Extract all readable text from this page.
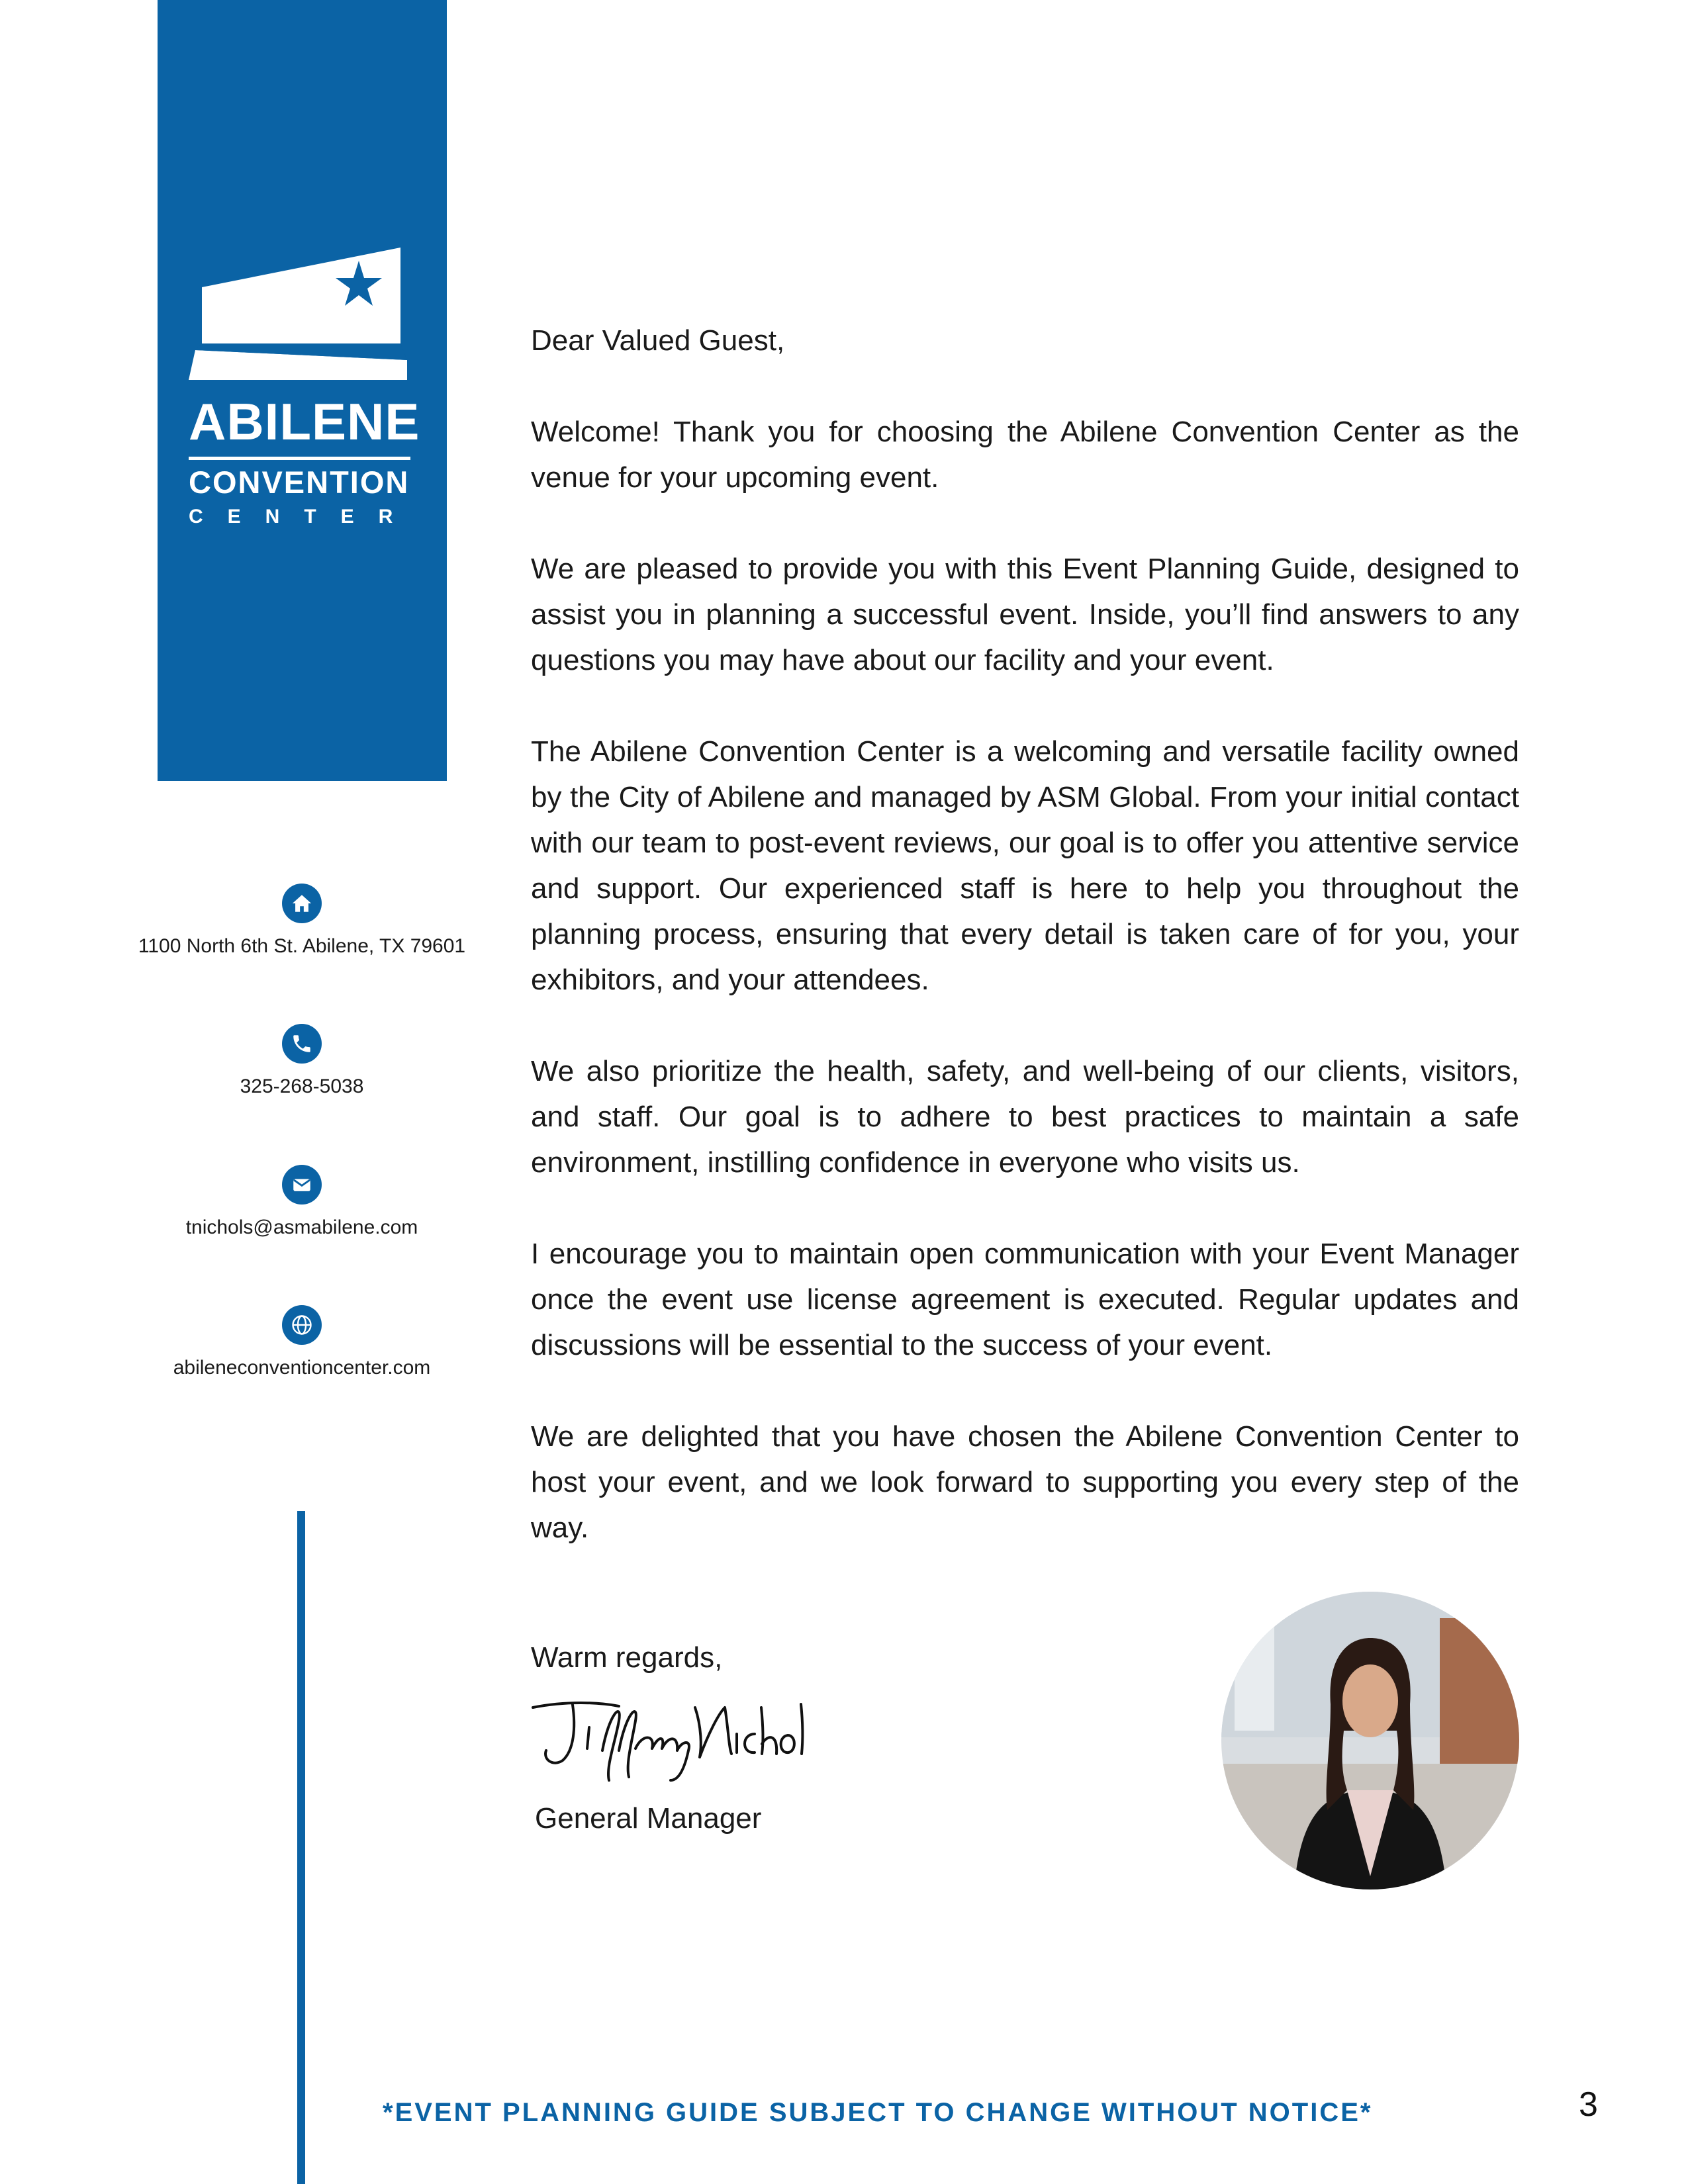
ABILENE
CONVENTION
CENTER
1100 North 6th St. Abilene, TX 79601
325-268-5038
tnichols@asmabilene.com
abileneconventioncenter.com

Dear Valued Guest,

Welcome! Thank you for choosing the Abilene Convention Center as the venue for your upcoming event.

We are pleased to provide you with this Event Planning Guide, designed to assist you in planning a successful event. Inside, you’ll find answers to any questions you may have about our facility and your event.

The Abilene Convention Center is a welcoming and versatile facility owned by the City of Abilene and managed by ASM Global. From your initial contact with our team to post-event reviews, our goal is to offer you attentive service and support. Our experienced staff is here to help you throughout the planning process, ensuring that every detail is taken care of for you, your exhibitors, and your attendees.

We also prioritize the health, safety, and well-being of our clients, visitors, and staff. Our goal is to adhere to best practices to maintain a safe environment, instilling confidence in everyone who visits us.

I encourage you to maintain open communication with your Event Manager once the event use license agreement is executed. Regular updates and discussions will be essential to the success of your event.

We are delighted that you have chosen the Abilene Convention Center to host your event, and we look forward to supporting you every step of the way.

Warm regards,
General Manager
*EVENT PLANNING GUIDE SUBJECT TO CHANGE WITHOUT NOTICE*	3
